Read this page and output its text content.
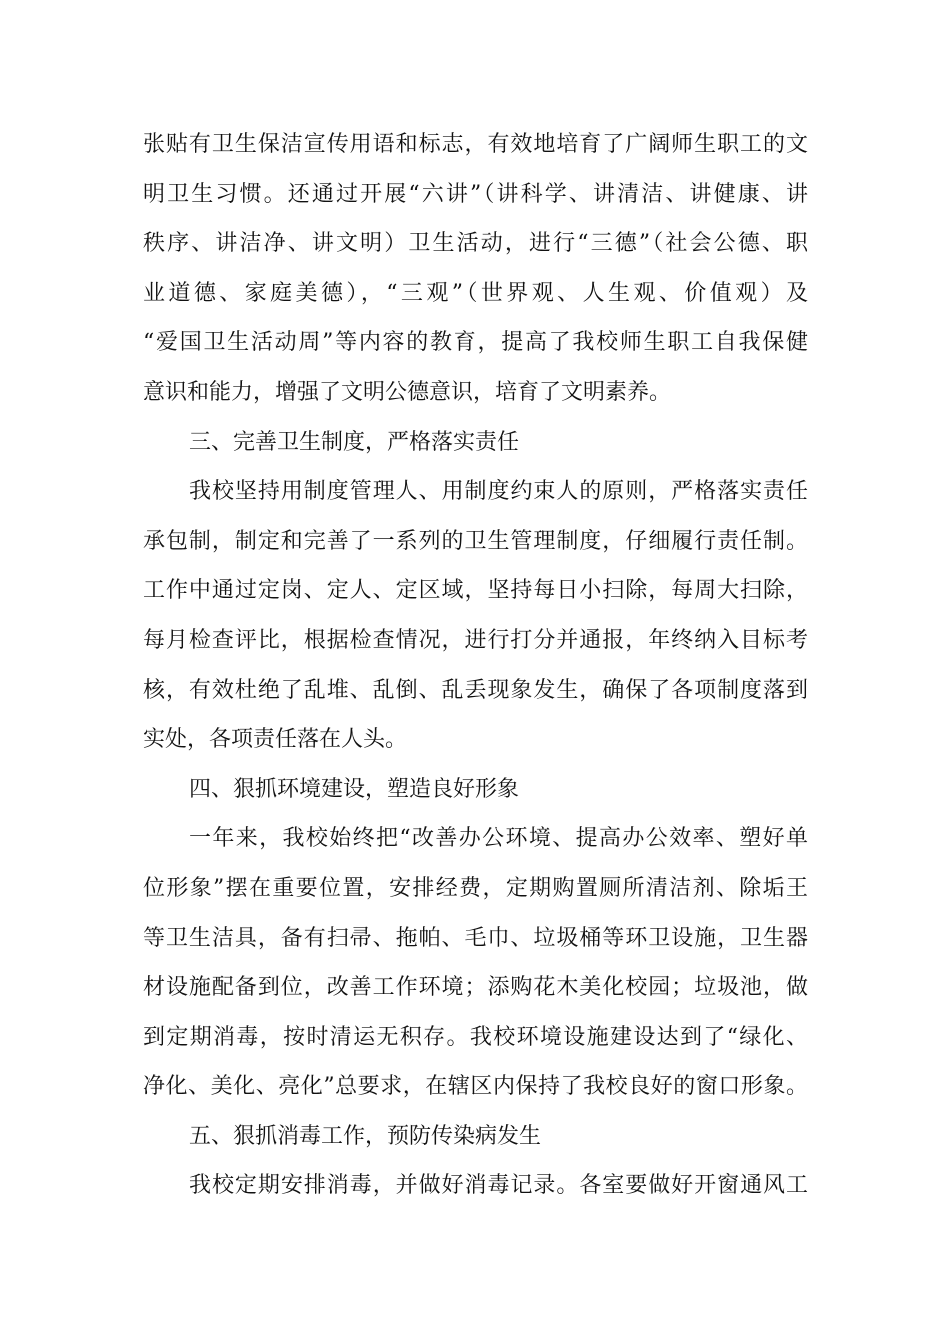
张贴有卫生保洁宣传用语和标志，有效地培育了广阔师生职工的文
明卫生习惯。还通过开展“六讲”（讲科学、讲清洁、讲健康、讲
秩序、讲洁净、讲文明）卫生活动，进行“三德”（社会公德、职
业道德、家庭美德），“三观”（世界观、人生观、价值观）及
“爱国卫生活动周”等内容的教育，提高了我校师生职工自我保健
意识和能力，增强了文明公德意识，培育了文明素养。
三、完善卫生制度，严格落实责任
我校坚持用制度管理人、用制度约束人的原则，严格落实责任
承包制，制定和完善了一系列的卫生管理制度，仔细履行责任制。
工作中通过定岗、定人、定区域，坚持每日小扫除，每周大扫除，
每月检查评比，根据检查情况，进行打分并通报，年终纳入目标考
核，有效杜绝了乱堆、乱倒、乱丢现象发生，确保了各项制度落到
实处，各项责任落在人头。
四、狠抓环境建设，塑造良好形象
一年来，我校始终把“改善办公环境、提高办公效率、塑好单
位形象”摆在重要位置，安排经费，定期购置厕所清洁剂、除垢王
等卫生洁具，备有扫帚、拖帕、毛巾、垃圾桶等环卫设施，卫生器
材设施配备到位，改善工作环境；添购花木美化校园；垃圾池，做
到定期消毒，按时清运无积存。我校环境设施建设达到了“绿化、
净化、美化、亮化”总要求，在辖区内保持了我校良好的窗口形象。
五、狠抓消毒工作，预防传染病发生
我校定期安排消毒，并做好消毒记录。各室要做好开窗通风工
